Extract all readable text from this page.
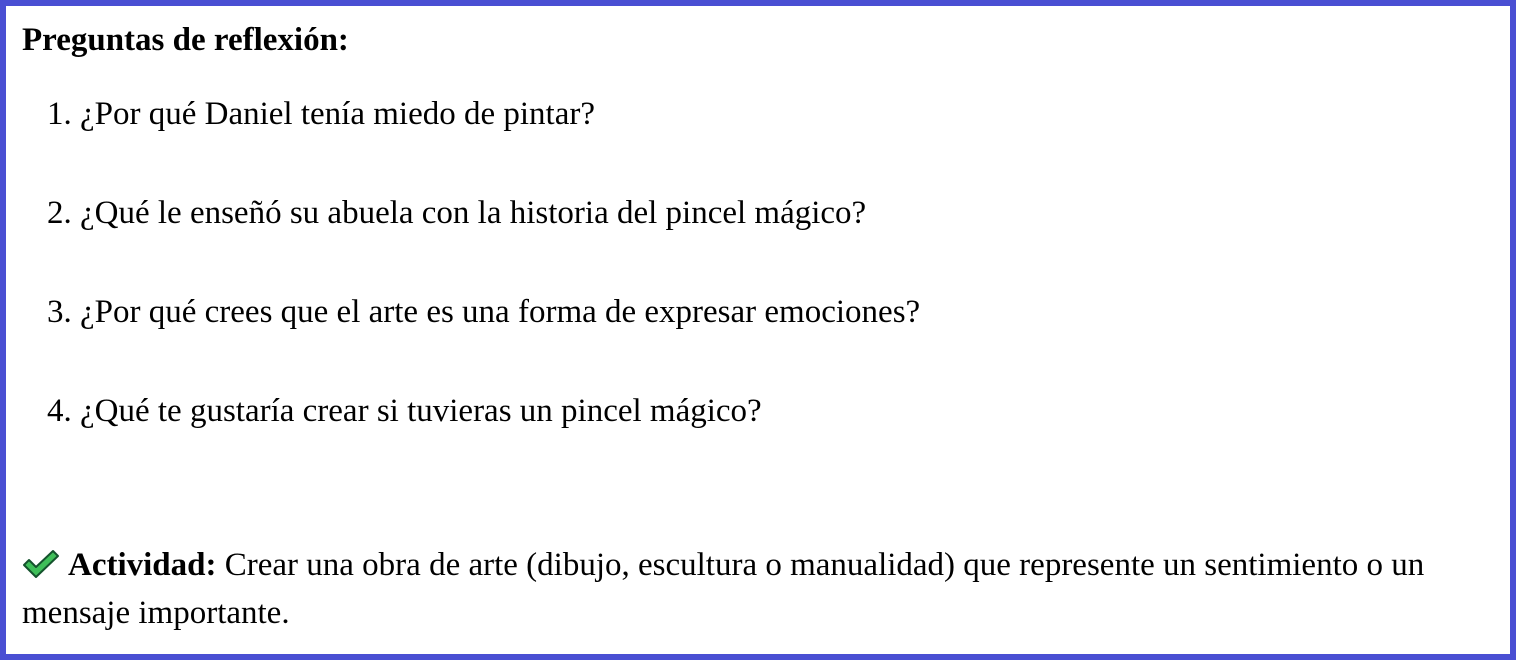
Preguntas de reflexión:
1. ¿Por qué Daniel tenía miedo de pintar?
2. ¿Qué le enseñó su abuela con la historia del pincel mágico?
3. ¿Por qué crees que el arte es una forma de expresar emociones?
4. ¿Qué te gustaría crear si tuvieras un pincel mágico?

Actividad: Crear una obra de arte (dibujo, escultura o manualidad) que represente un sentimiento o un mensaje importante.
